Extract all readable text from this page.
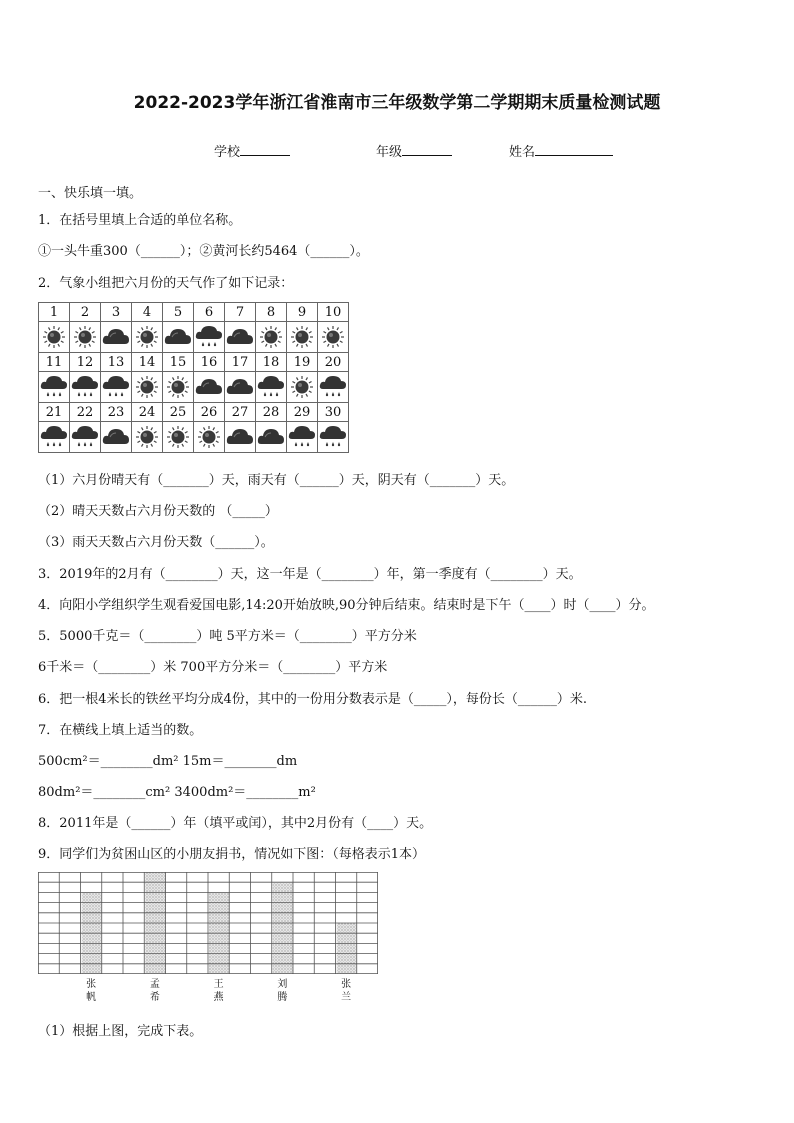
2022-2023学年浙江省淮南市三年级数学第二学期期末质量检测试题
学校	年级	姓名
一、快乐填一填。
1．在括号里填上合适的单位名称。
①一头牛重300（______）；②黄河长约5464（______）。
2．气象小组把六月份的天气作了如下记录：
1	2	3	4	5	6	7	8	9	10

11	12	13	14	15	16	17	18	19	20

21	22	23	24	25	26	27	28	29	30

（1）六月份晴天有（_______）天，雨天有（______）天，阴天有（_______）天。
（2）晴天天数占六月份天数的 （_____）
（3）雨天天数占六月份天数（______）。
3．2019年的2月有（________）天，这一年是（________）年，第一季度有（________）天。
4．向阳小学组织学生观看爱国电影,14:20开始放映,90分钟后结束。结束时是下午（____）时（____）分。
5．5000千克＝（________）吨 5平方米＝（________）平方分米
6千米＝（________）米 700平方分米＝（________）平方米
6．把一根4米长的铁丝平均分成4份，其中的一份用分数表示是（_____），每份长（______）米.
7．在横线上填上适当的数。
500cm²＝________dm² 15m＝________dm
80dm²＝________cm² 3400dm²＝________m²
8．2011年是（______）年（填平或闰），其中2月份有（____）天。
9．同学们为贫困山区的小朋友捐书，情况如下图：（每格表示1本）
张
帆
孟
希
王
燕
刘
腾
张
兰
（1）根据上图，完成下表。
